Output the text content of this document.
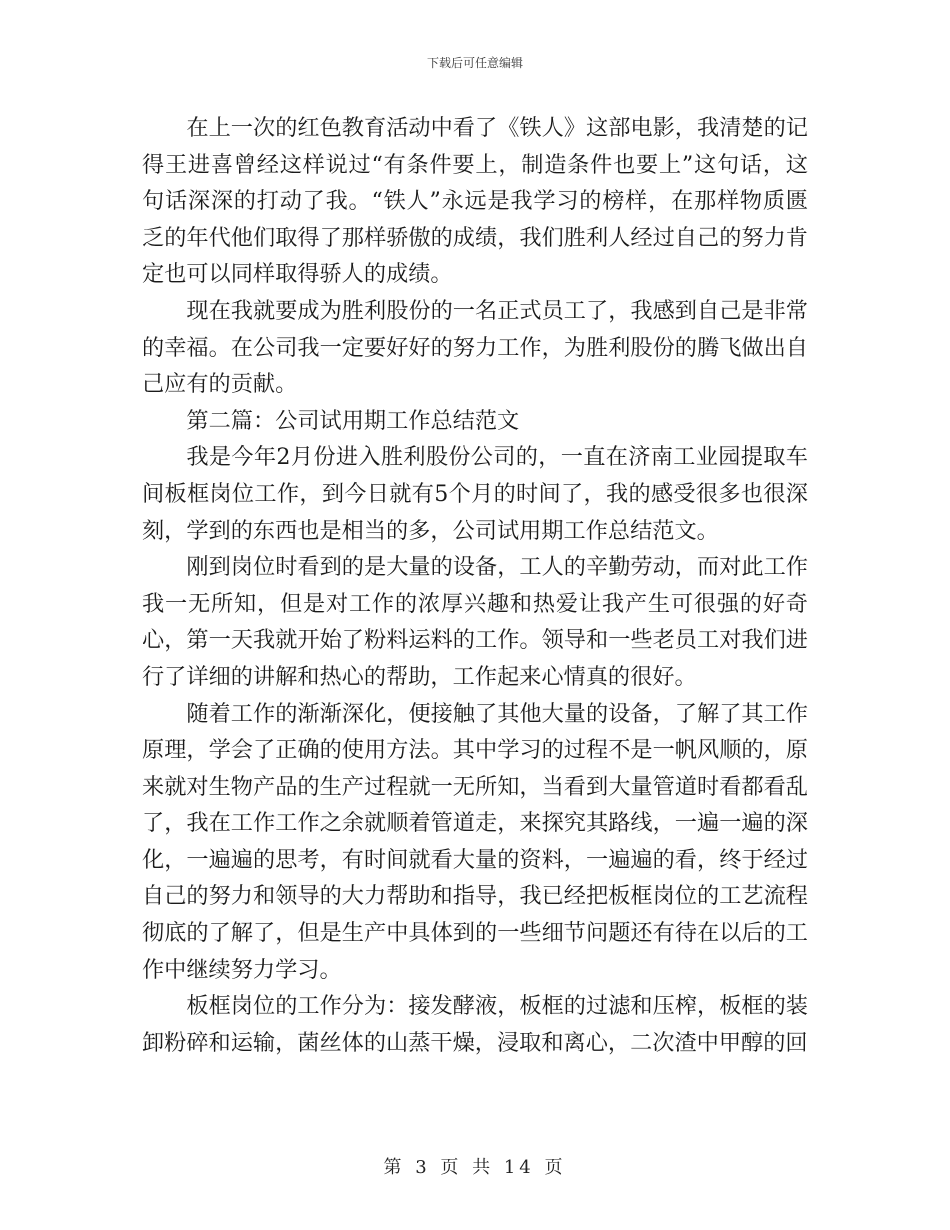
下载后可任意编辑

在上一次的红色教育活动中看了《铁人》这部电影，我清楚的记得王进喜曾经这样说过“有条件要上，制造条件也要上”这句话，这句话深深的打动了我。“铁人”永远是我学习的榜样，在那样物质匮乏的年代他们取得了那样骄傲的成绩，我们胜利人经过自己的努力肯定也可以同样取得骄人的成绩。

现在我就要成为胜利股份的一名正式员工了，我感到自己是非常的幸福。在公司我一定要好好的努力工作，为胜利股份的腾飞做出自己应有的贡献。

第二篇：公司试用期工作总结范文

我是今年2月份进入胜利股份公司的，一直在济南工业园提取车间板框岗位工作，到今日就有5个月的时间了，我的感受很多也很深刻，学到的东西也是相当的多，公司试用期工作总结范文。

刚到岗位时看到的是大量的设备，工人的辛勤劳动，而对此工作我一无所知，但是对工作的浓厚兴趣和热爱让我产生可很强的好奇心，第一天我就开始了粉料运料的工作。领导和一些老员工对我们进行了详细的讲解和热心的帮助，工作起来心情真的很好。

随着工作的渐渐深化，便接触了其他大量的设备，了解了其工作原理，学会了正确的使用方法。其中学习的过程不是一帆风顺的，原来就对生物产品的生产过程就一无所知，当看到大量管道时看都看乱了，我在工作工作之余就顺着管道走，来探究其路线，一遍一遍的深化，一遍遍的思考，有时间就看大量的资料，一遍遍的看，终于经过自己的努力和领导的大力帮助和指导，我已经把板框岗位的工艺流程彻底的了解了，但是生产中具体到的一些细节问题还有待在以后的工作中继续努力学习。

板框岗位的工作分为：接发酵液，板框的过滤和压榨，板框的装卸粉碎和运输，菌丝体的山蒸干燥，浸取和离心，二次渣中甲醇的回

第 3 页 共 14 页
